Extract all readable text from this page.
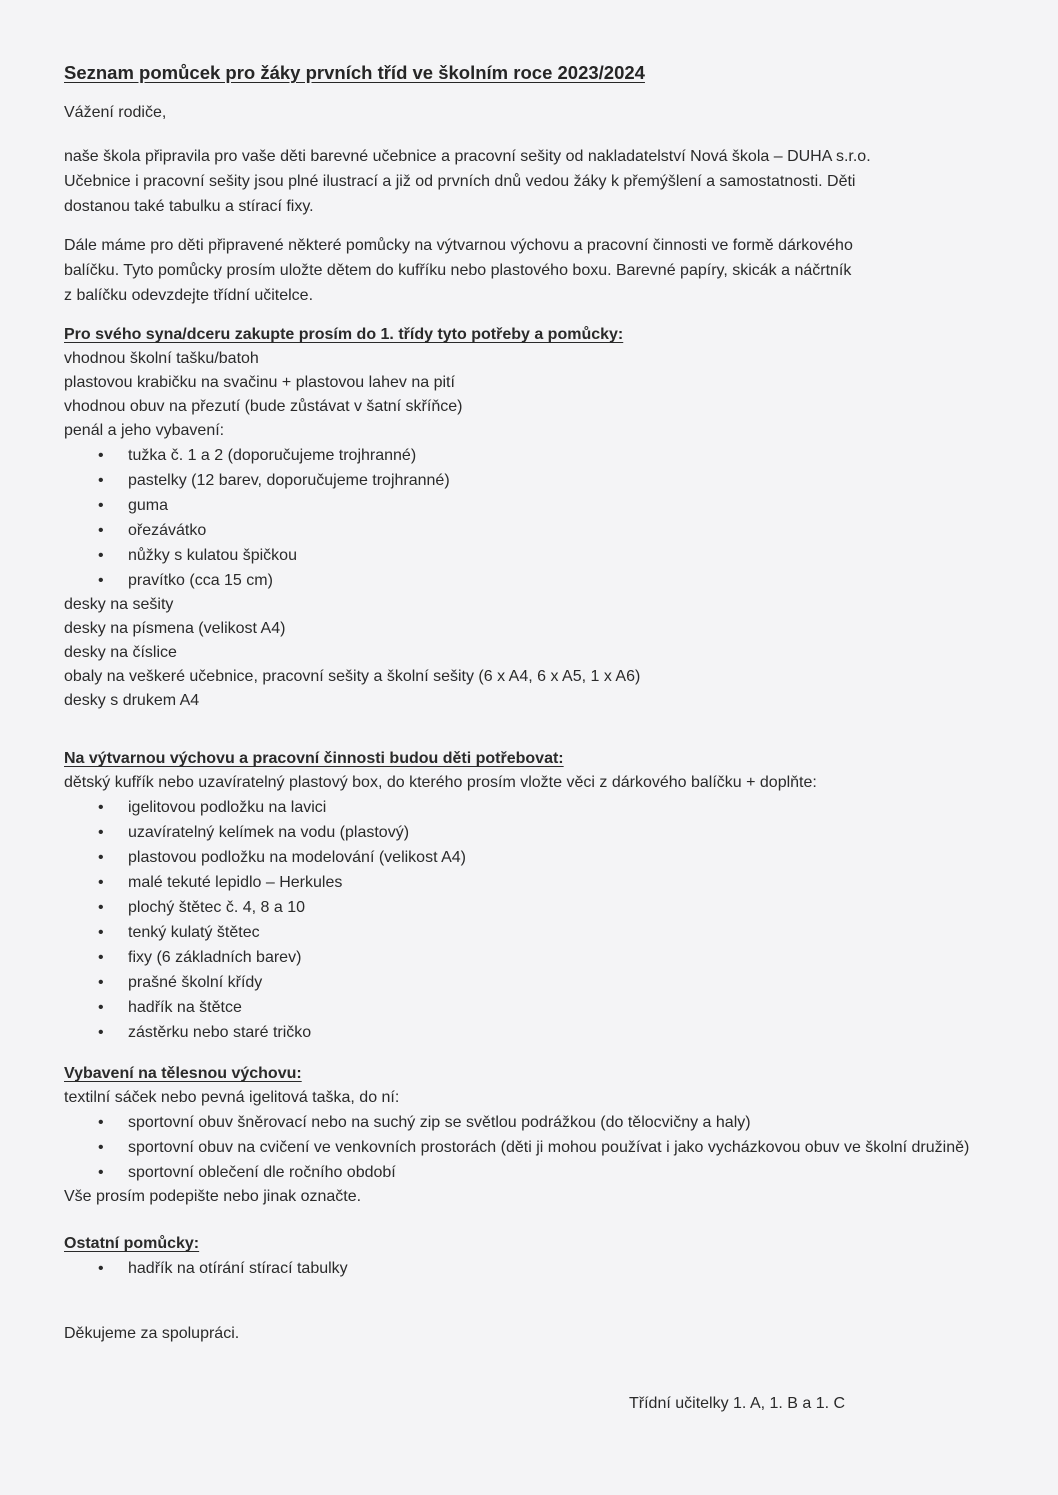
Seznam pomůcek pro žáky prvních tříd ve školním roce 2023/2024

Vážení rodiče,

naše škola připravila pro vaše děti barevné učebnice a pracovní sešity od nakladatelství Nová škola – DUHA s.r.o.

Učebnice i pracovní sešity jsou plné ilustrací a již od prvních dnů vedou žáky k přemýšlení a samostatnosti. Děti

dostanou také tabulku a stírací fixy.

Dále máme pro děti připravené některé pomůcky na výtvarnou výchovu a pracovní činnosti ve formě dárkového

balíčku. Tyto pomůcky prosím uložte dětem do kufříku nebo plastového boxu. Barevné papíry, skicák a náčrtník

z balíčku odevzdejte třídní učitelce.

Pro svého syna/dceru zakupte prosím do 1. třídy tyto potřeby a pomůcky:

vhodnou školní tašku/batoh

plastovou krabičku na svačinu + plastovou lahev na pití

vhodnou obuv na přezutí (bude zůstávat v šatní skříňce)

penál a jeho vybavení:

• tužka č. 1 a 2 (doporučujeme trojhranné)
• pastelky (12 barev, doporučujeme trojhranné)
• guma
• ořezávátko
• nůžky s kulatou špičkou
• pravítko (cca 15 cm)

desky na sešity

desky na písmena (velikost A4)

desky na číslice

obaly na veškeré učebnice, pracovní sešity a školní sešity (6 x A4, 6 x A5, 1 x A6)

desky s drukem A4

Na výtvarnou výchovu a pracovní činnosti budou děti potřebovat:

dětský kufřík nebo uzavíratelný plastový box, do kterého prosím vložte věci z dárkového balíčku + doplňte:

• igelitovou podložku na lavici
• uzavíratelný kelímek na vodu (plastový)
• plastovou podložku na modelování (velikost A4)
• malé tekuté lepidlo – Herkules
• plochý štětec č. 4, 8 a 10
• tenký kulatý štětec
• fixy (6 základních barev)
• prašné školní křídy
• hadřík na štětce
• zástěrku nebo staré tričko
Vybavení na tělesnou výchovu:

textilní sáček nebo pevná igelitová taška, do ní:

• sportovní obuv šněrovací nebo na suchý zip se světlou podrážkou (do tělocvičny a haly)
• sportovní obuv na cvičení ve venkovních prostorách (děti ji mohou používat i jako vycházkovou obuv ve školní družině)
• sportovní oblečení dle ročního období

Vše prosím podepište nebo jinak označte.

Ostatní pomůcky:
• hadřík na otírání stírací tabulky

Děkujeme za spolupráci.

Třídní učitelky 1. A, 1. B a 1. C
